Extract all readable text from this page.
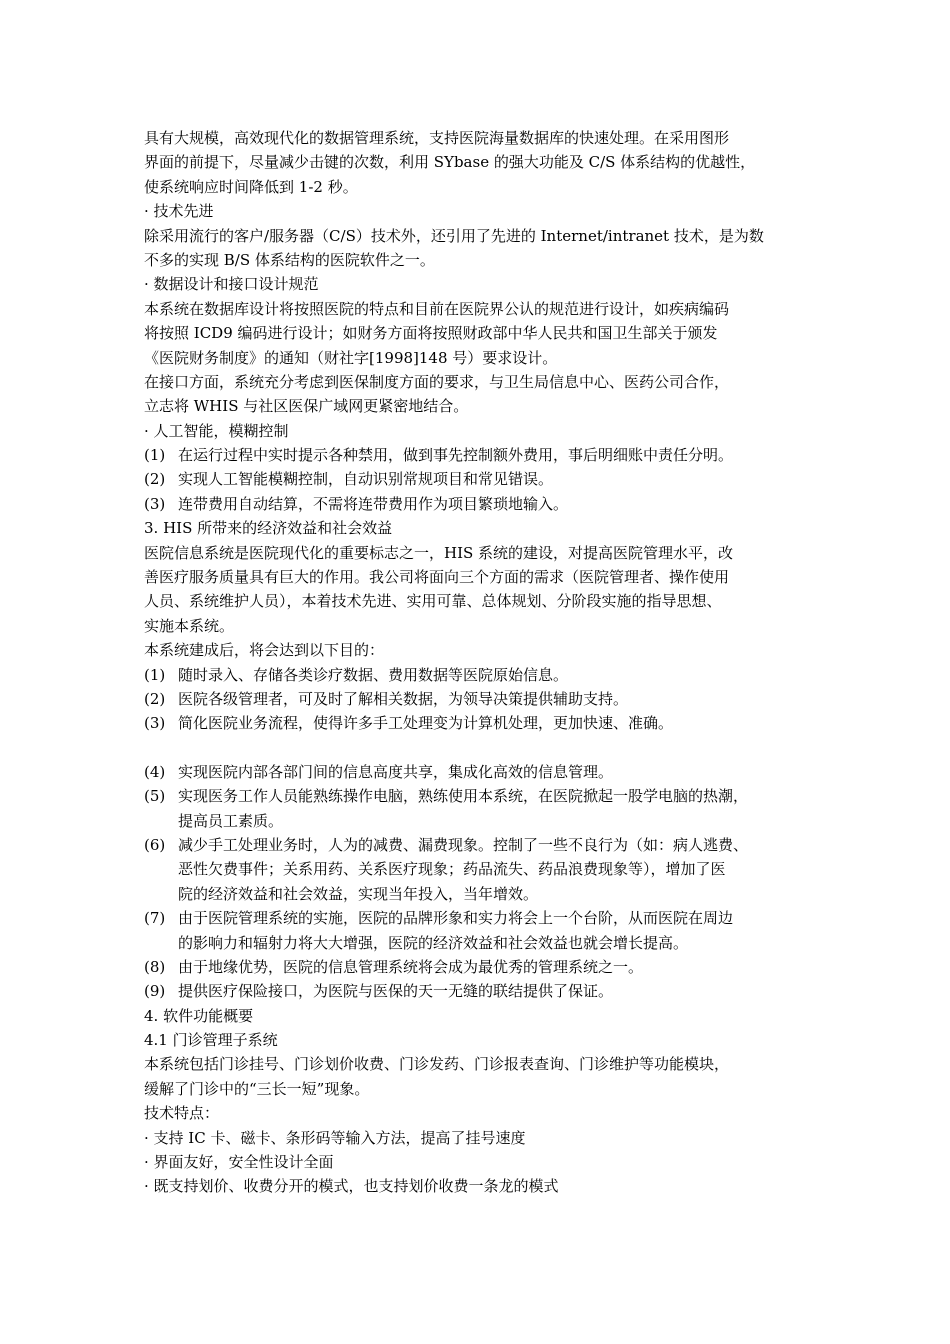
具有大规模，高效现代化的数据管理系统，支持医院海量数据库的快速处理。在采用图形
界面的前提下，尽量减少击键的次数，利用 SYbase 的强大功能及 C/S 体系结构的优越性，
使系统响应时间降低到 1-2 秒。
· 技术先进
除采用流行的客户/服务器（C/S）技术外，还引用了先进的 Internet/intranet 技术，是为数
不多的实现 B/S 体系结构的医院软件之一。
· 数据设计和接口设计规范
本系统在数据库设计将按照医院的特点和目前在医院界公认的规范进行设计，如疾病编码
将按照 ICD9 编码进行设计；如财务方面将按照财政部中华人民共和国卫生部关于颁发
《医院财务制度》的通知（财社字[1998]148 号）要求设计。
在接口方面，系统充分考虑到医保制度方面的要求，与卫生局信息中心、医药公司合作，
立志将 WHIS 与社区医保广域网更紧密地结合。
· 人工智能，模糊控制
(1) 在运行过程中实时提示各种禁用，做到事先控制额外费用，事后明细账中责任分明。
(2) 实现人工智能模糊控制，自动识别常规项目和常见错误。
(3) 连带费用自动结算，不需将连带费用作为项目繁琐地输入。
3. HIS 所带来的经济效益和社会效益
医院信息系统是医院现代化的重要标志之一，HIS 系统的建设，对提高医院管理水平，改
善医疗服务质量具有巨大的作用。我公司将面向三个方面的需求（医院管理者、操作使用
人员、系统维护人员），本着技术先进、实用可靠、总体规划、分阶段实施的指导思想、
实施本系统。
本系统建成后，将会达到以下目的：
(1) 随时录入、存储各类诊疗数据、费用数据等医院原始信息。
(2) 医院各级管理者，可及时了解相关数据，为领导决策提供辅助支持。
(3) 简化医院业务流程，使得许多手工处理变为计算机处理，更加快速、准确。
(4) 实现医院内部各部门间的信息高度共享，集成化高效的信息管理。
(5) 实现医务工作人员能熟练操作电脑，熟练使用本系统，在医院掀起一股学电脑的热潮，
提高员工素质。
(6) 减少手工处理业务时，人为的减费、漏费现象。控制了一些不良行为（如：病人逃费、
恶性欠费事件；关系用药、关系医疗现象；药品流失、药品浪费现象等），增加了医
院的经济效益和社会效益，实现当年投入，当年增效。
(7) 由于医院管理系统的实施，医院的品牌形象和实力将会上一个台阶，从而医院在周边
的影响力和辐射力将大大增强，医院的经济效益和社会效益也就会增长提高。
(8) 由于地缘优势，医院的信息管理系统将会成为最优秀的管理系统之一。
(9) 提供医疗保险接口，为医院与医保的天一无缝的联结提供了保证。
4. 软件功能概要
4.1 门诊管理子系统
本系统包括门诊挂号、门诊划价收费、门诊发药、门诊报表查询、门诊维护等功能模块，
缓解了门诊中的“三长一短”现象。
技术特点：
· 支持 IC 卡、磁卡、条形码等输入方法，提高了挂号速度
· 界面友好，安全性设计全面
· 既支持划价、收费分开的模式，也支持划价收费一条龙的模式
